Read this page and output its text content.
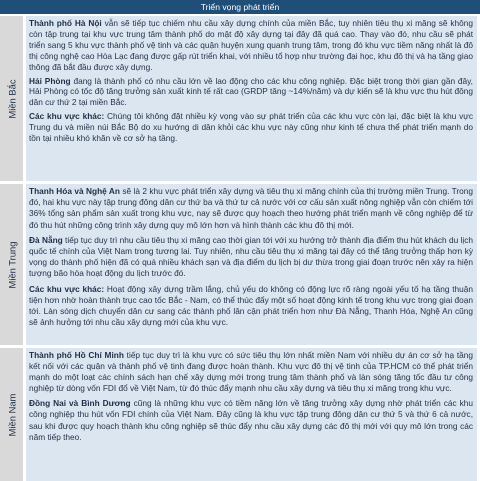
Triển vọng phát triển
Miền Bắc

Thành phố Hà Nội vẫn sẽ tiếp tục chiếm nhu cầu xây dựng chính của miền Bắc, tuy nhiên tiêu thụ xi măng sẽ không còn tập trung tại khu vực trung tâm thành phố do mật độ xây dựng tại đây đã quá cao. Thay vào đó, nhu cầu sẽ phát triển sang 5 khu vực thành phố vệ tinh và các quận huyện xung quanh trung tâm, trong đó khu vực tiềm năng nhất là đô thị công nghệ cao Hòa Lạc đang được gấp rút triển khai, với nhiều tổ hợp như trường đại học, khu đô thị và hạ tầng giao thông đã bắt đầu được xây dựng.

Hải Phòng đang là thành phố có nhu cầu lớn về lao động cho các khu công nghiệp. Đặc biệt trong thời gian gần đây, Hải Phòng có tốc độ tăng trưởng sản xuất kinh tế rất cao (GRDP tăng ~14%/năm) và dự kiến sẽ là khu vực thu hút đông dân cư thứ 2 tại miền Bắc.

Các khu vực khác: Chúng tôi không đặt nhiều kỳ vọng vào sự phát triển của các khu vực còn lại, đặc biệt là khu vực Trung du và miền núi Bắc Bộ do xu hướng di dân khỏi các khu vực này cũng như kinh tế chưa thể phát triển mạnh do tồn tại nhiều khó khăn về cơ sở hạ tầng.

Miền Trung

Thanh Hóa và Nghệ An sẽ là 2 khu vực phát triển xây dựng và tiêu thụ xi măng chính của thị trường miền Trung. Trong đó, hai khu vực này tập trung đông dân cư thứ ba và thứ tư cả nước với cơ cấu sản xuất nông nghiệp vẫn còn chiếm tới 36% tổng sản phẩm sản xuất trong khu vực, nay sẽ được quy hoạch theo hướng phát triển mạnh về công nghiệp để từ đó thu hút những công trình xây dựng quy mô lớn hơn và hình thành các khu đô thị mới.

Đà Nẵng tiếp tục duy trì nhu cầu tiêu thụ xi măng cao thời gian tới với xu hướng trở thành địa điểm thu hút khách du lịch quốc tế chính của Việt Nam trong tương lai. Tuy nhiên, nhu cầu tiêu thụ xi măng tại đây có thể tăng trưởng thấp hơn kỳ vọng do thành phố hiện đã có quá nhiều khách sạn và địa điểm du lịch bị dư thừa trong giai đoạn trước nên xảy ra hiện tượng bão hòa hoạt động du lịch trước đó.

Các khu vực khác: Hoạt động xây dựng trầm lắng, chủ yếu do không có động lực rõ ràng ngoài yếu tố hạ tầng thuận tiện hơn nhờ hoàn thành trục cao tốc Bắc - Nam, có thể thúc đẩy một số hoạt động kinh tế trong khu vực trong giai đoạn tới. Làn sóng dịch chuyển dân cư sang các thành phố lân cận phát triển hơn như Đà Nẵng, Thanh Hóa, Nghệ An cũng sẽ ảnh hưởng tới nhu cầu xây dựng mới của khu vực.

Miền Nam

Thành phố Hồ Chí Minh tiếp tục duy trì là khu vực có sức tiêu thụ lớn nhất miền Nam với nhiều dự án cơ sở hạ tầng kết nối với các quận và thành phố vệ tinh đang được hoàn thành. Khu vực đô thị vệ tinh của TP.HCM có thể phát triển mạnh do một loạt các chính sách hạn chế xây dựng mới trong trung tâm thành phố và làn sóng tăng tốc đầu tư công nghiệp từ dòng vốn FDI đổ về Việt Nam, từ đó thúc đẩy mạnh nhu cầu xây dựng và tiêu thụ xi măng trong khu vực.

Đồng Nai và Bình Dương cũng là những khu vực có tiềm năng lớn về tăng trưởng xây dựng nhờ phát triển các khu công nghiệp thu hút vốn FDI chính của Việt Nam. Đây cũng là khu vực tập trung đông dân cư thứ 5 và thứ 6 cả nước, sau khi được quy hoạch thành khu công nghiệp sẽ thúc đẩy nhu cầu xây dựng các đô thị mới với quy mô lớn trong các năm tiếp theo.
